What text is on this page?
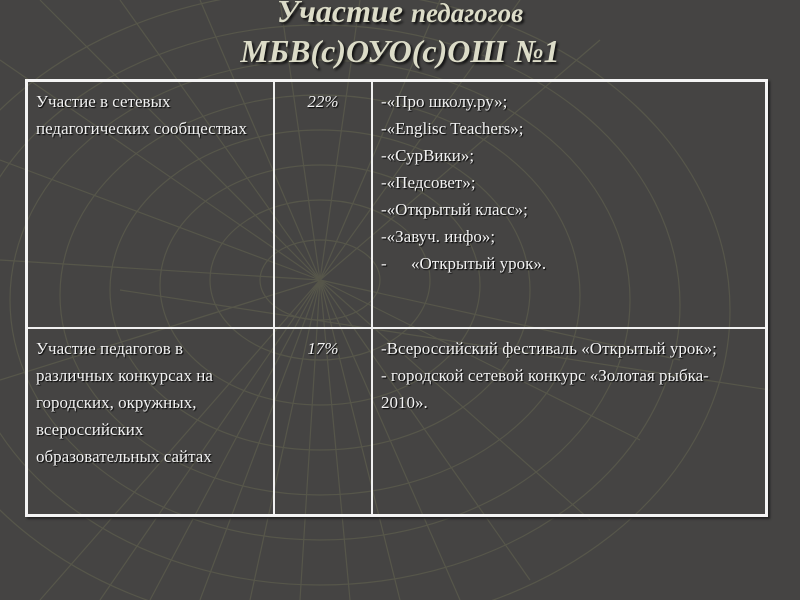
Участие педагогов
МБВ(с)ОУО(с)ОШ №1
Участие в сетевых педагогических сообществах	22%	-«Про школу.ру»;
-«Englisc Teachers»;
-«СурВики»;
-«Педсовет»;
-«Открытый класс»;
-«Завуч. инфо»;
- «Открытый урок».

Участие педагогов в различных конкурсах на городских, окружных, всероссийских образовательных сайтах	17%	-Всероссийский фестиваль «Открытый урок»;
- городской сетевой конкурс «Золотая рыбка- 2010».
